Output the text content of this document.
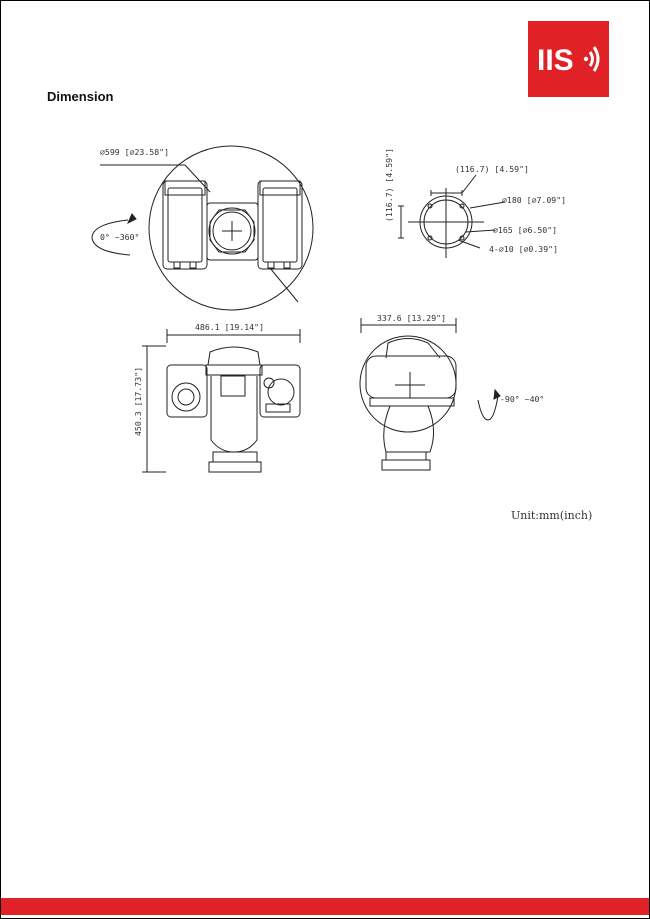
IIS
Dimension
⌀599 [⌀23.58"]
0° ~360°
(116.7) [4.59"]
(116.7) [4.59"]	⌀180 [⌀7.09"]
⌀165 [⌀6.50"]
4-⌀10 [⌀0.39"]
486.1 [19.14"]
450.3 [17.73"]
337.6 [13.29"]
-90° ~40°
Unit:mm(inch)
